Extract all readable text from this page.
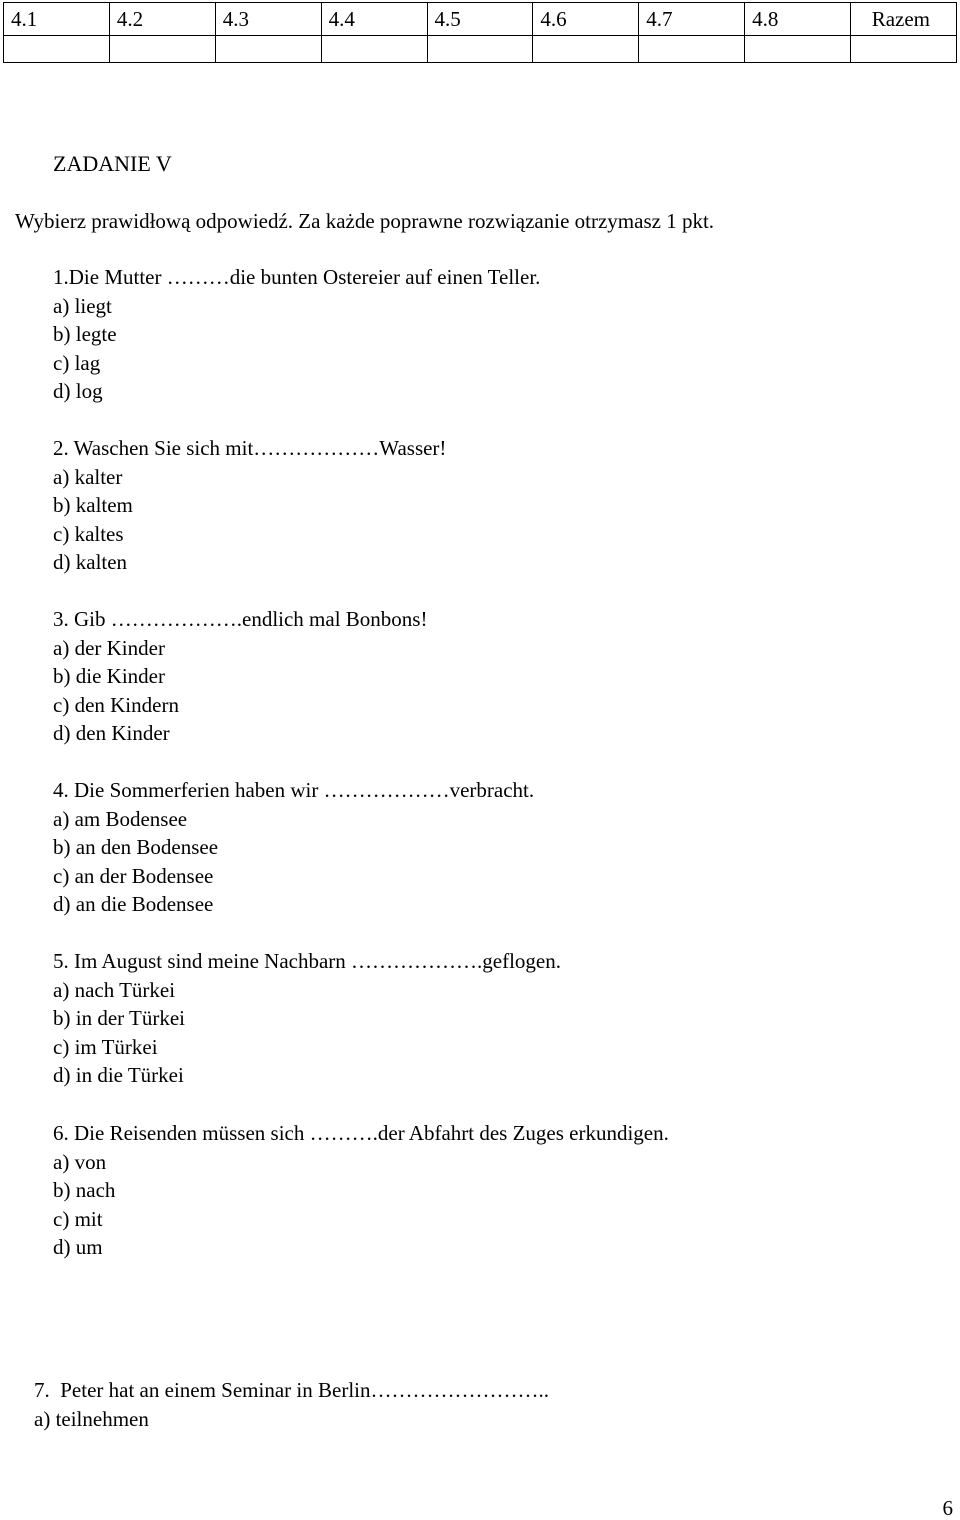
4.1	4.2	4.3	4.4	4.5	4.6	4.7	4.8	Razem

ZADANIE V
Wybierz prawidłową odpowiedź. Za każde poprawne rozwiązanie otrzymasz 1 pkt.
1.Die Mutter ………die bunten Ostereier auf einen Teller.
a) liegt
b) legte
c) lag
d) log
2. Waschen Sie sich mit………………Wasser!
a) kalter
b) kaltem
c) kaltes
d) kalten
3. Gib ……………….endlich mal Bonbons!
a) der Kinder
b) die Kinder
c) den Kindern
d) den Kinder
4. Die Sommerferien haben wir ………………verbracht.
a) am Bodensee
b) an den Bodensee
c) an der Bodensee
d) an die Bodensee
5. Im August sind meine Nachbarn ……………….geflogen.
a) nach Türkei
b) in der Türkei
c) im Türkei
d) in die Türkei
6. Die Reisenden müssen sich ……….der Abfahrt des Zuges erkundigen.
a) von
b) nach
c) mit
d) um
7.  Peter hat an einem Seminar in Berlin……………………..
a) teilnehmen
6
